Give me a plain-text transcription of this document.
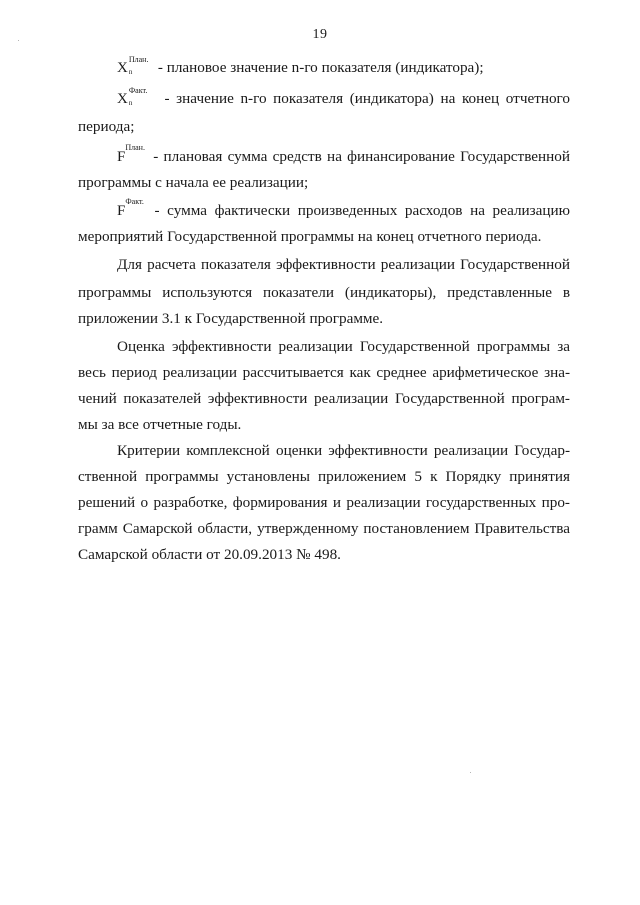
19
X
План.
n - плановое значение n-го показателя (индикатора);
X
Факт.
n - значение n-го показателя (индикатора) на конец отчетного
периода;
FПлан. - плановая сумма средств на финансирование Государственной
программы с начала ее реализации;
FФакт. - сумма фактически произведенных расходов на реализацию
мероприятий Государственной программы на конец отчетного периода.
Для расчета показателя эффективности реализации Государственной
программы используются показатели (индикаторы), представленные в
приложении 3.1 к Государственной программе.
Оценка эффективности реализации Государственной программы за
весь период реализации рассчитывается как среднее арифметическое зна-
чений показателей эффективности реализации Государственной програм-
мы за все отчетные годы.
Критерии комплексной оценки эффективности реализации Государ-
ственной программы установлены приложением 5 к Порядку принятия
решений о разработке, формирования и реализации государственных про-
грамм Самарской области, утвержденному постановлением Правительства
Самарской области от 20.09.2013 № 498.
